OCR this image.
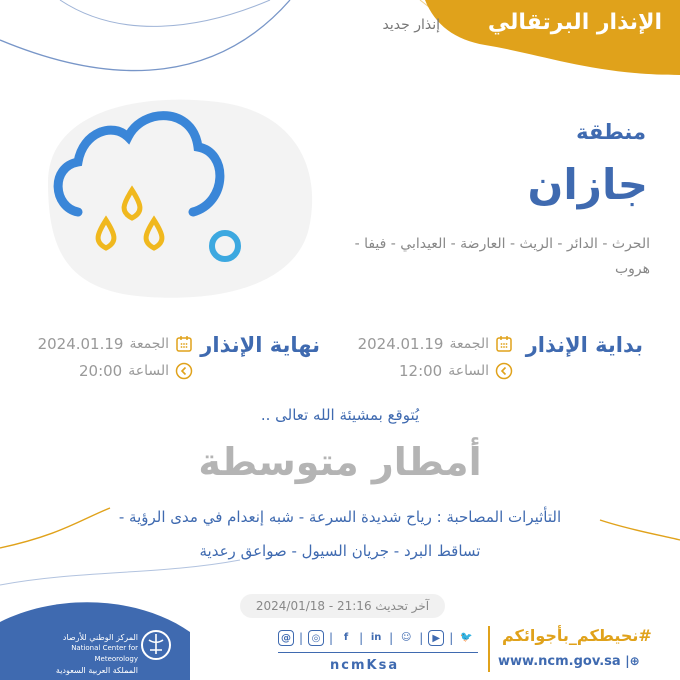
الإنذار البرتقالي
إنذار جديد
منطقة
جازان
الحرث - الدائر - الريث - العارضة - العيدابي - فيفا - هروب
بداية الإنذار
الجمعة
2024.01.19
الساعة
12:00
نهاية الإنذار
الجمعة
2024.01.19
الساعة
20:00
يُتوقع بمشيئة الله تعالى ..
أمطار متوسطة
التأثيرات المصاحبة : رياح شديدة السرعة - شبه إنعدام في مدى الرؤية -
تساقط البرد - جريان السيول - صواعق رعدية
آخر تحديث 2024/01/18 - 21:16
المركز الوطني للأرصاد
National Center for Meteorology
المملكة العربية السعودية
@ | ◎ |	f | in | ☺ | ▶ | 🐦
ncmKsa
#نحيطكم_بأجوائكم
www.ncm.gov.sa |⊕
